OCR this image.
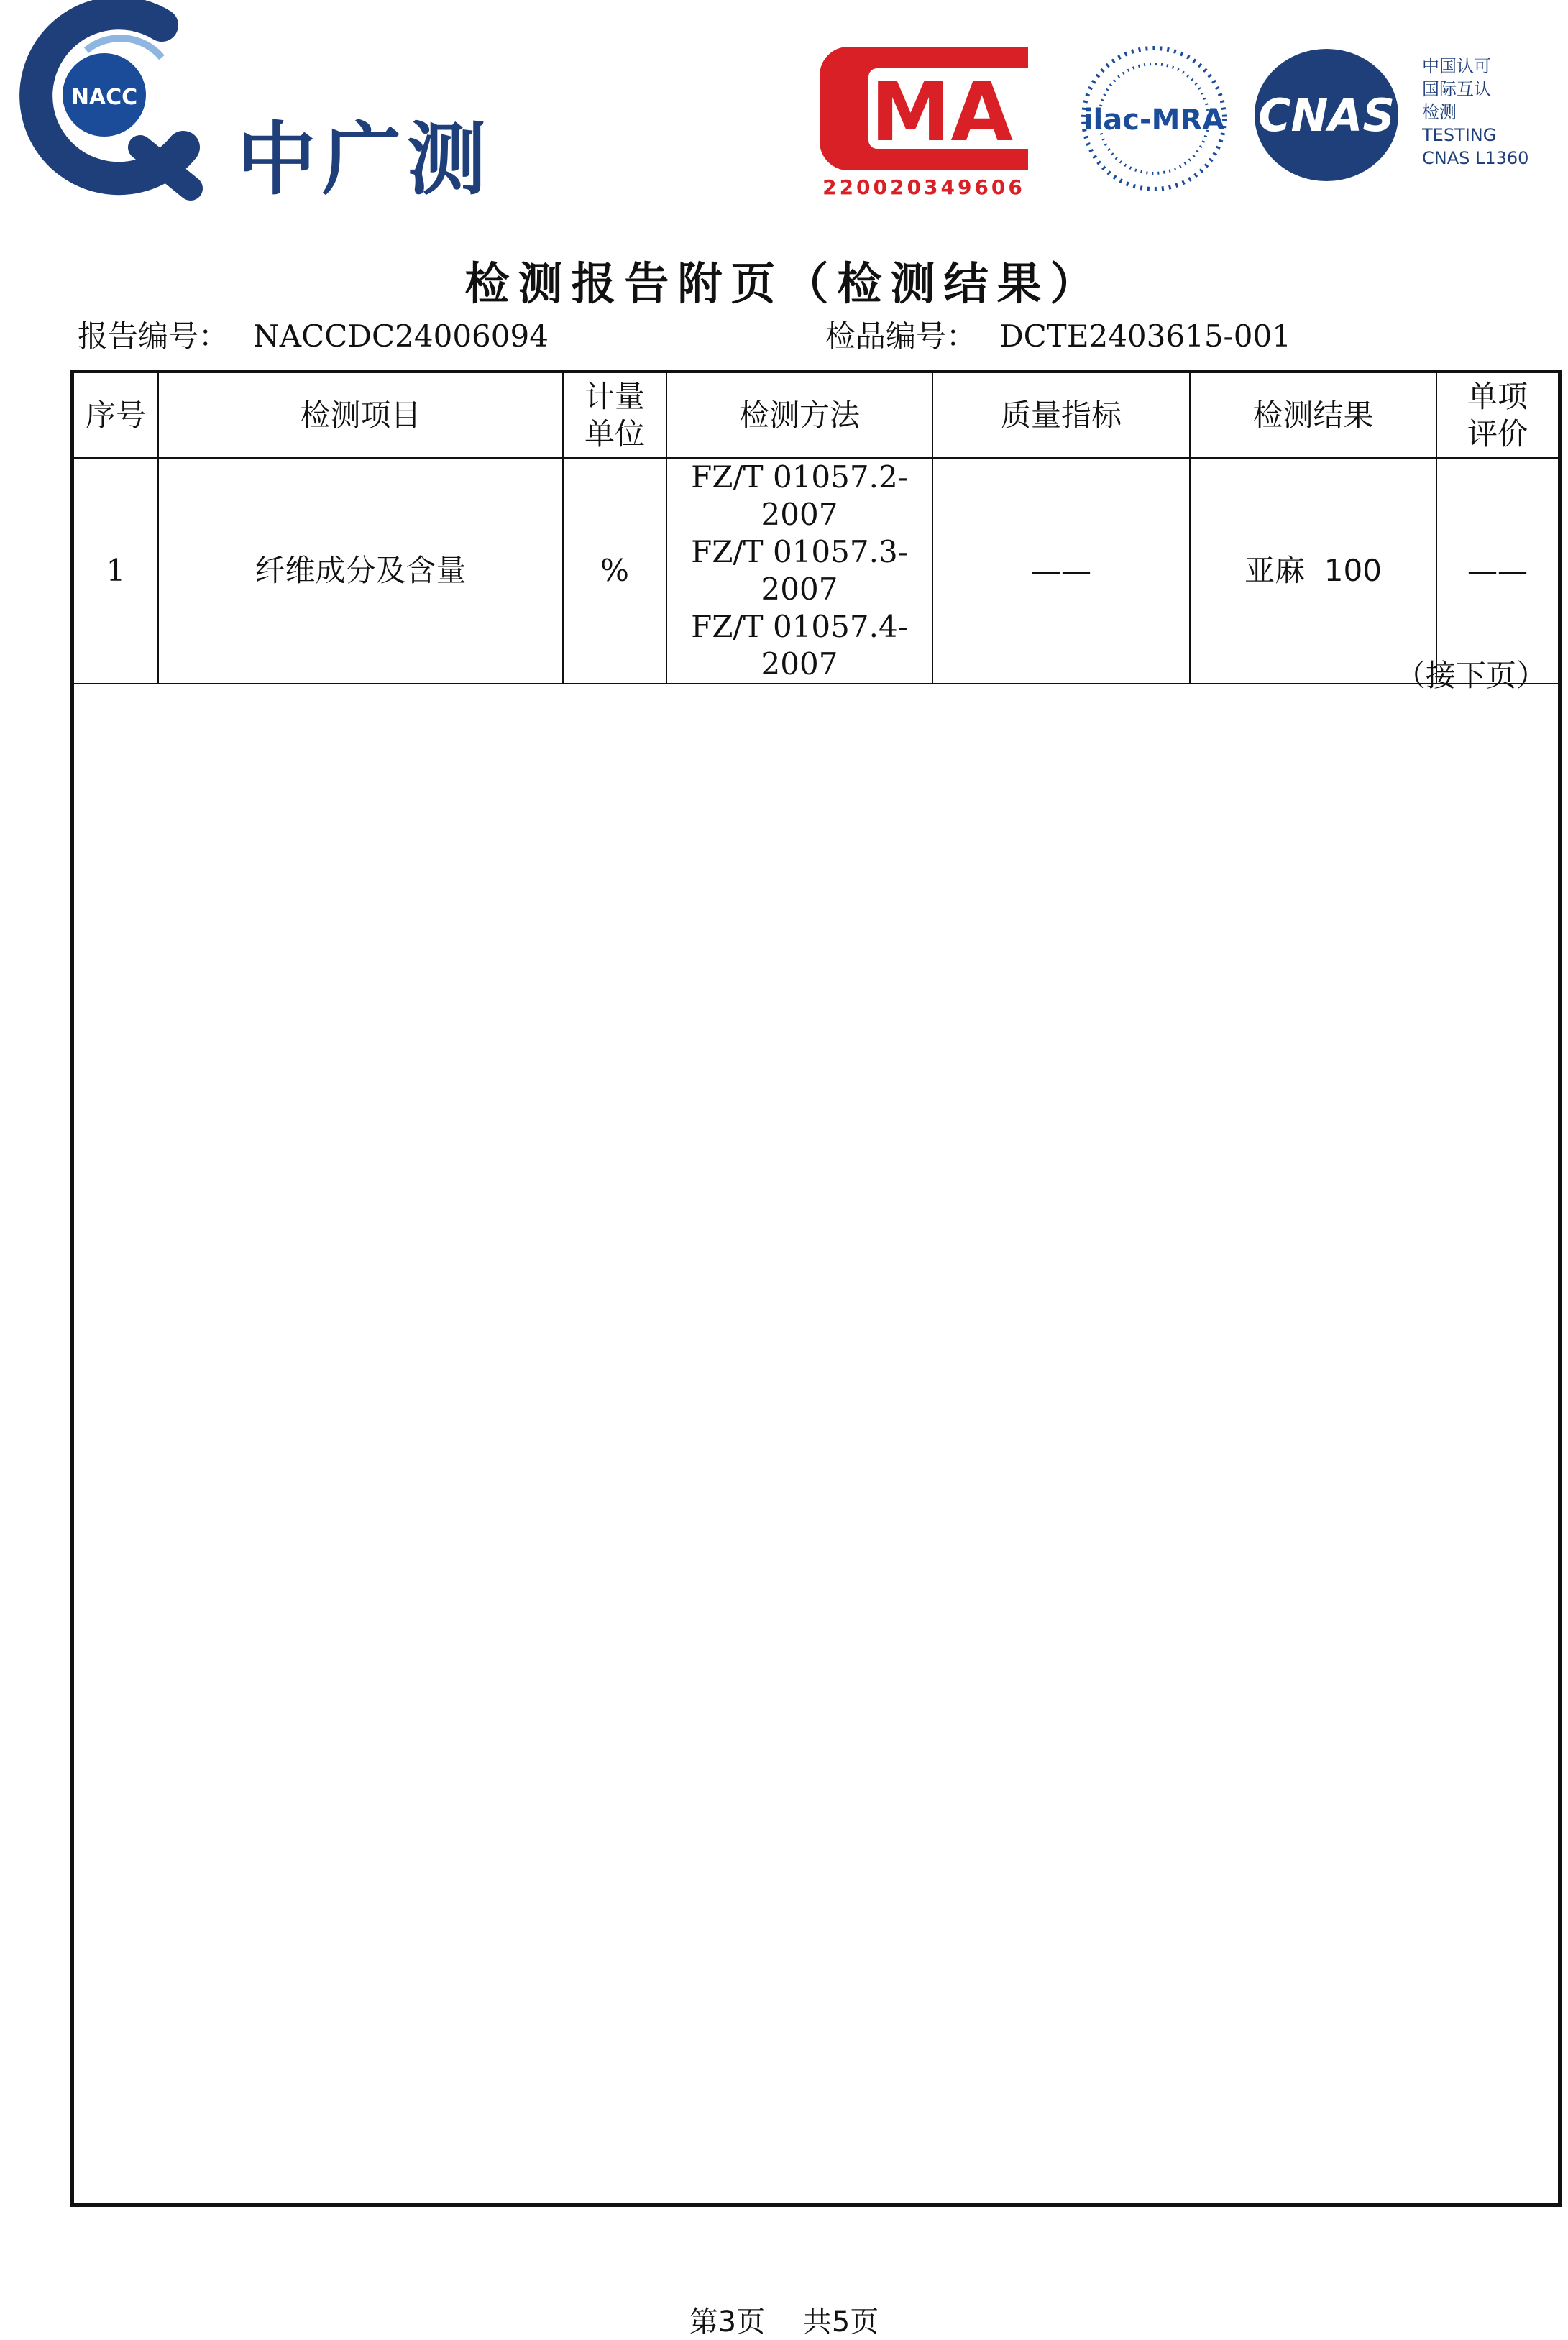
NACC
中广测	MA
220020349606
ilac-MRA CNAS
中国认可
国际互认
检测
TESTING
CNAS L1360
检测报告附页（检测结果）
报告编号： NACCDC24006094	检品编号： DCTE2403615-001
序号	检测项目	计量
单位	检测方法	质量指标	检测结果	单项
评价

1	纤维成分及含量	%	FZ/T 01057.2-2007
FZ/T 01057.3-2007
FZ/T 01057.4-2007	——	亚麻  100	——
（接下页）
第3页 共5页
